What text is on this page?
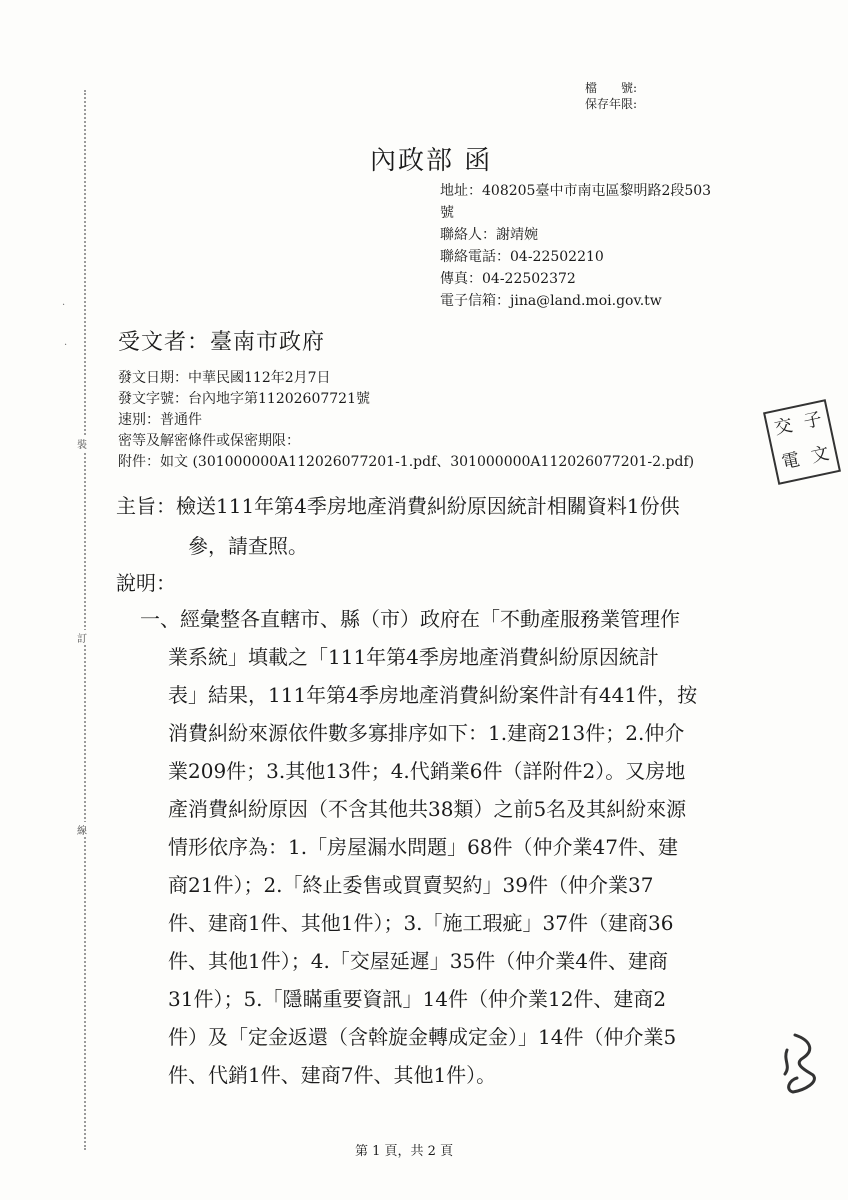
裝
訂
線
·
·
檔　　號:
保存年限:
內政部 函
地址：408205臺中市南屯區黎明路2段503
號
聯絡人：謝靖婉
聯絡電話：04-22502210
傳真：04-22502372
電子信箱：jina@land.moi.gov.tw
受文者：臺南市政府
發文日期：中華民國112年2月7日
發文字號：台內地字第11202607721號
速別：普通件
密等及解密條件或保密期限：
附件：如文 (301000000A112026077201-1.pdf、301000000A112026077201-2.pdf)
交 子
電 文
主旨：檢送111年第4季房地產消費糾紛原因統計相關資料1份供
參，請查照。
說明：
一、經彙整各直轄市、縣（市）政府在「不動產服務業管理作
業系統」填載之「111年第4季房地產消費糾紛原因統計
表」結果，111年第4季房地產消費糾紛案件計有441件，按
消費糾紛來源依件數多寡排序如下：1.建商213件；2.仲介
業209件；3.其他13件；4.代銷業6件（詳附件2）。又房地
產消費糾紛原因（不含其他共38類）之前5名及其糾紛來源
情形依序為：1.「房屋漏水問題」68件（仲介業47件、建
商21件）；2.「終止委售或買賣契約」39件（仲介業37
件、建商1件、其他1件）；3.「施工瑕疵」37件（建商36
件、其他1件）；4.「交屋延遲」35件（仲介業4件、建商
31件）；5.「隱瞞重要資訊」14件（仲介業12件、建商2
件）及「定金返還（含斡旋金轉成定金）」14件（仲介業5
件、代銷1件、建商7件、其他1件）。
第 1 頁，共 2 頁
